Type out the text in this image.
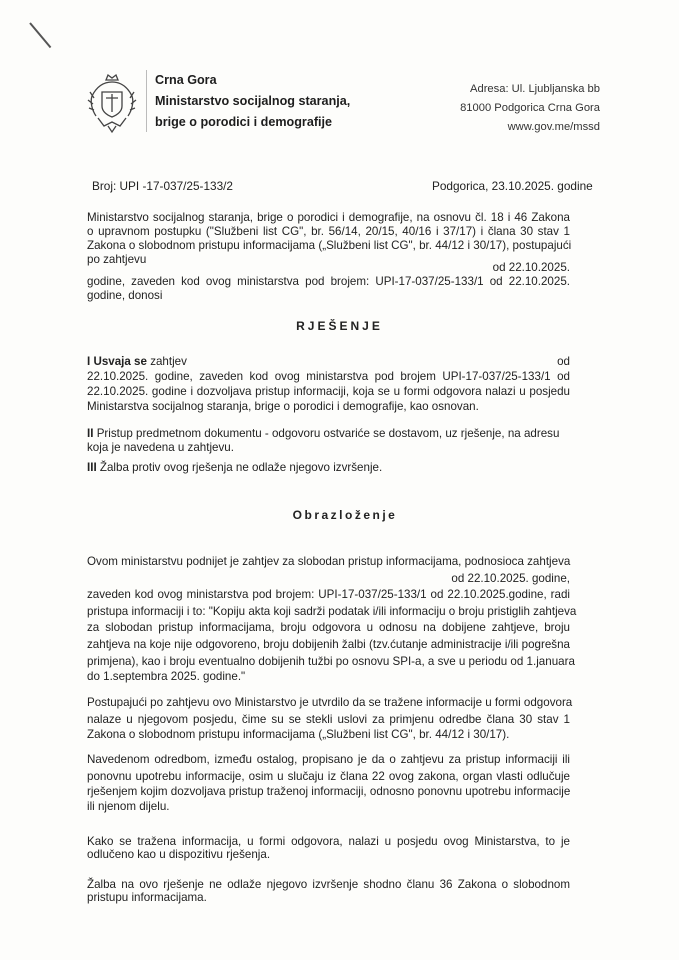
Crna Gora
Ministarstvo socijalnog staranja,
brige o porodici i demografije
Adresa: Ul. Ljubljanska bb
81000 Podgorica Crna Gora
www.gov.me/mssd
Broj: UPI -17-037/25-133/2	Podgorica, 23.10.2025. godine
Ministarstvo socijalnog staranja, brige o porodici i demografije, na osnovu čl. 18 i 46 Zakona
o upravnom postupku ("Službeni list CG", br. 56/14, 20/15, 40/16 i 37/17) i člana 30 stav 1
Zakona o slobodnom pristupu informacijama („Službeni list CG", br. 44/12 i 30/17), postupajući
po zahtjevu
od 22.10.2025.
godine, zaveden kod ovog ministarstva pod brojem: UPI-17-037/25-133/1 od 22.10.2025.
godine, donosi
RJEŠENJE
I Usvaja se zahtjev	od
22.10.2025. godine, zaveden kod ovog ministarstva pod brojem UPI-17-037/25-133/1 od
22.10.2025. godine i dozvoljava pristup informaciji, koja se u formi odgovora nalazi u posjedu
Ministarstva socijalnog staranja, brige o porodici i demografije, kao osnovan.
II Pristup predmetnom dokumentu - odgovoru ostvariće se dostavom, uz rješenje, na adresu
koja je navedena u zahtjevu.
III Žalba protiv ovog rješenja ne odlaže njegovo izvršenje.
Obrazloženje
Ovom ministarstvu podnijet je zahtjev za slobodan pristup informacijama, podnosioca zahtjeva
od 22.10.2025. godine,
zaveden kod ovog ministarstva pod brojem: UPI-17-037/25-133/1 od 22.10.2025.godine, radi
pristupa informaciji i to: "Kopiju akta koji sadrži podatak i/ili informaciju o broju pristiglih zahtjeva
za slobodan pristup informacijama, broju odgovora u odnosu na dobijene zahtjeve, broju
zahtjeva na koje nije odgovoreno, broju dobijenih žalbi (tzv.ćutanje administracije i/ili pogrešna
primjena), kao i broju eventualno dobijenih tužbi po osnovu SPI-a, a sve u periodu od 1.januara
do 1.septembra 2025. godine."
Postupajući po zahtjevu ovo Ministarstvo je utvrdilo da se tražene informacije u formi odgovora
nalaze u njegovom posjedu, čime su se stekli uslovi za primjenu odredbe člana 30 stav 1
Zakona o slobodnom pristupu informacijama („Službeni list CG", br. 44/12 i 30/17).
Navedenom odredbom, između ostalog, propisano je da o zahtjevu za pristup informaciji ili
ponovnu upotrebu informacije, osim u slučaju iz člana 22 ovog zakona, organ vlasti odlučuje
rješenjem kojim dozvoljava pristup traženoj informaciji, odnosno ponovnu upotrebu informacije
ili njenom dijelu.
Kako se tražena informacija, u formi odgovora, nalazi u posjedu ovog Ministarstva, to je
odlučeno kao u dispozitivu rješenja.
Žalba na ovo rješenje ne odlaže njegovo izvršenje shodno članu 36 Zakona o slobodnom
pristupu informacijama.
